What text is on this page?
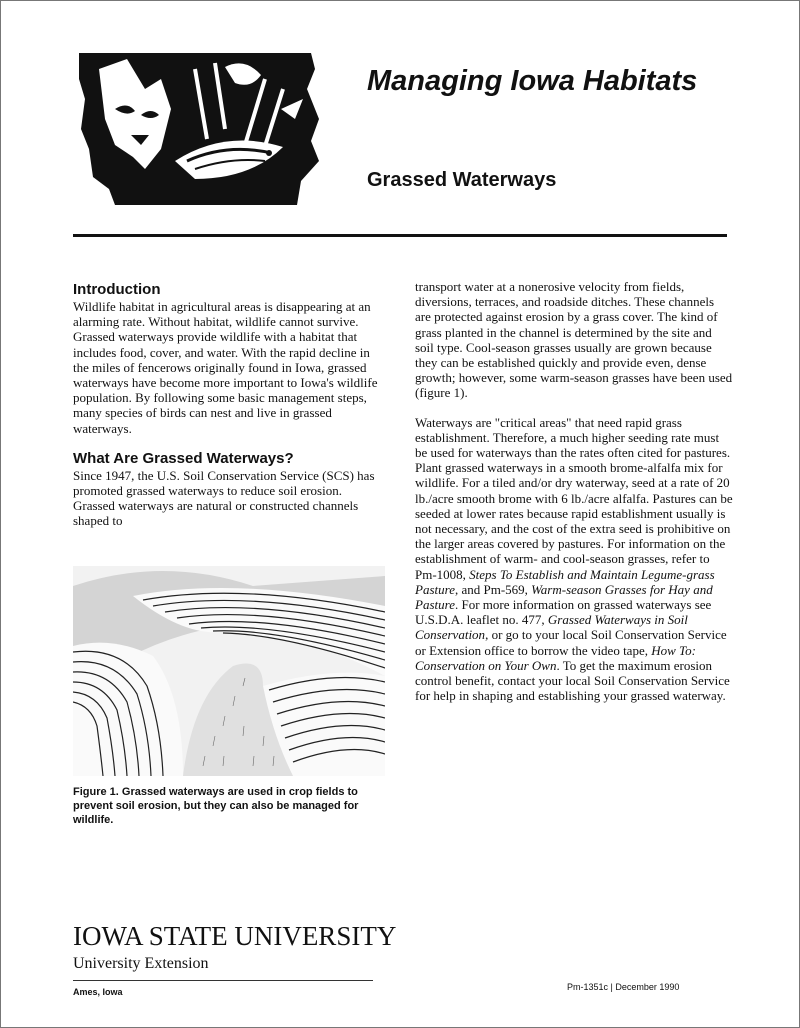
Managing Iowa Habitats
Grassed Waterways
Introduction

Wildlife habitat in agricultural areas is disappearing at an alarming rate. Without habitat, wildlife cannot survive. Grassed waterways provide wildlife with a habitat that includes food, cover, and water. With the rapid decline in the miles of fencerows originally found in Iowa, grassed waterways have become more important to Iowa's wildlife population. By following some basic management steps, many species of birds can nest and live in grassed waterways.

What Are Grassed Waterways?

Since 1947, the U.S. Soil Conservation Service (SCS) has promoted grassed waterways to reduce soil erosion. Grassed waterways are natural or constructed channels shaped to

Figure 1. Grassed waterways are used in crop fields to prevent soil erosion, but they can also be managed for wildlife.

transport water at a nonerosive velocity from fields, diversions, terraces, and roadside ditches. These channels are protected against erosion by a grass cover. The kind of grass planted in the channel is determined by the site and soil type. Cool-season grasses usually are grown because they can be established quickly and provide even, dense growth; however, some warm-season grasses have been used (figure 1).

Waterways are "critical areas" that need rapid grass establishment. Therefore, a much higher seeding rate must be used for waterways than the rates often cited for pastures. Plant grassed waterways in a smooth brome-alfalfa mix for wildlife. For a tiled and/or dry waterway, seed at a rate of 20 lb./acre smooth brome with 6 lb./acre alfalfa. Pastures can be seeded at lower rates because rapid establishment usually is not necessary, and the cost of the extra seed is prohibitive on the larger areas covered by pastures. For information on the establishment of warm- and cool-season grasses, refer to Pm-1008, Steps To Establish and Maintain Legume-grass Pasture, and Pm-569, Warm-season Grasses for Hay and Pasture. For more information on grassed waterways see U.S.D.A. leaflet no. 477, Grassed Waterways in Soil Conservation, or go to your local Soil Conservation Service or Extension office to borrow the video tape, How To: Conservation on Your Own. To get the maximum erosion control benefit, contact your local Soil Conservation Service for help in shaping and establishing your grassed waterway.

IOWA STATE UNIVERSITY
University Extension
Ames, Iowa	Pm-1351c | December 1990
